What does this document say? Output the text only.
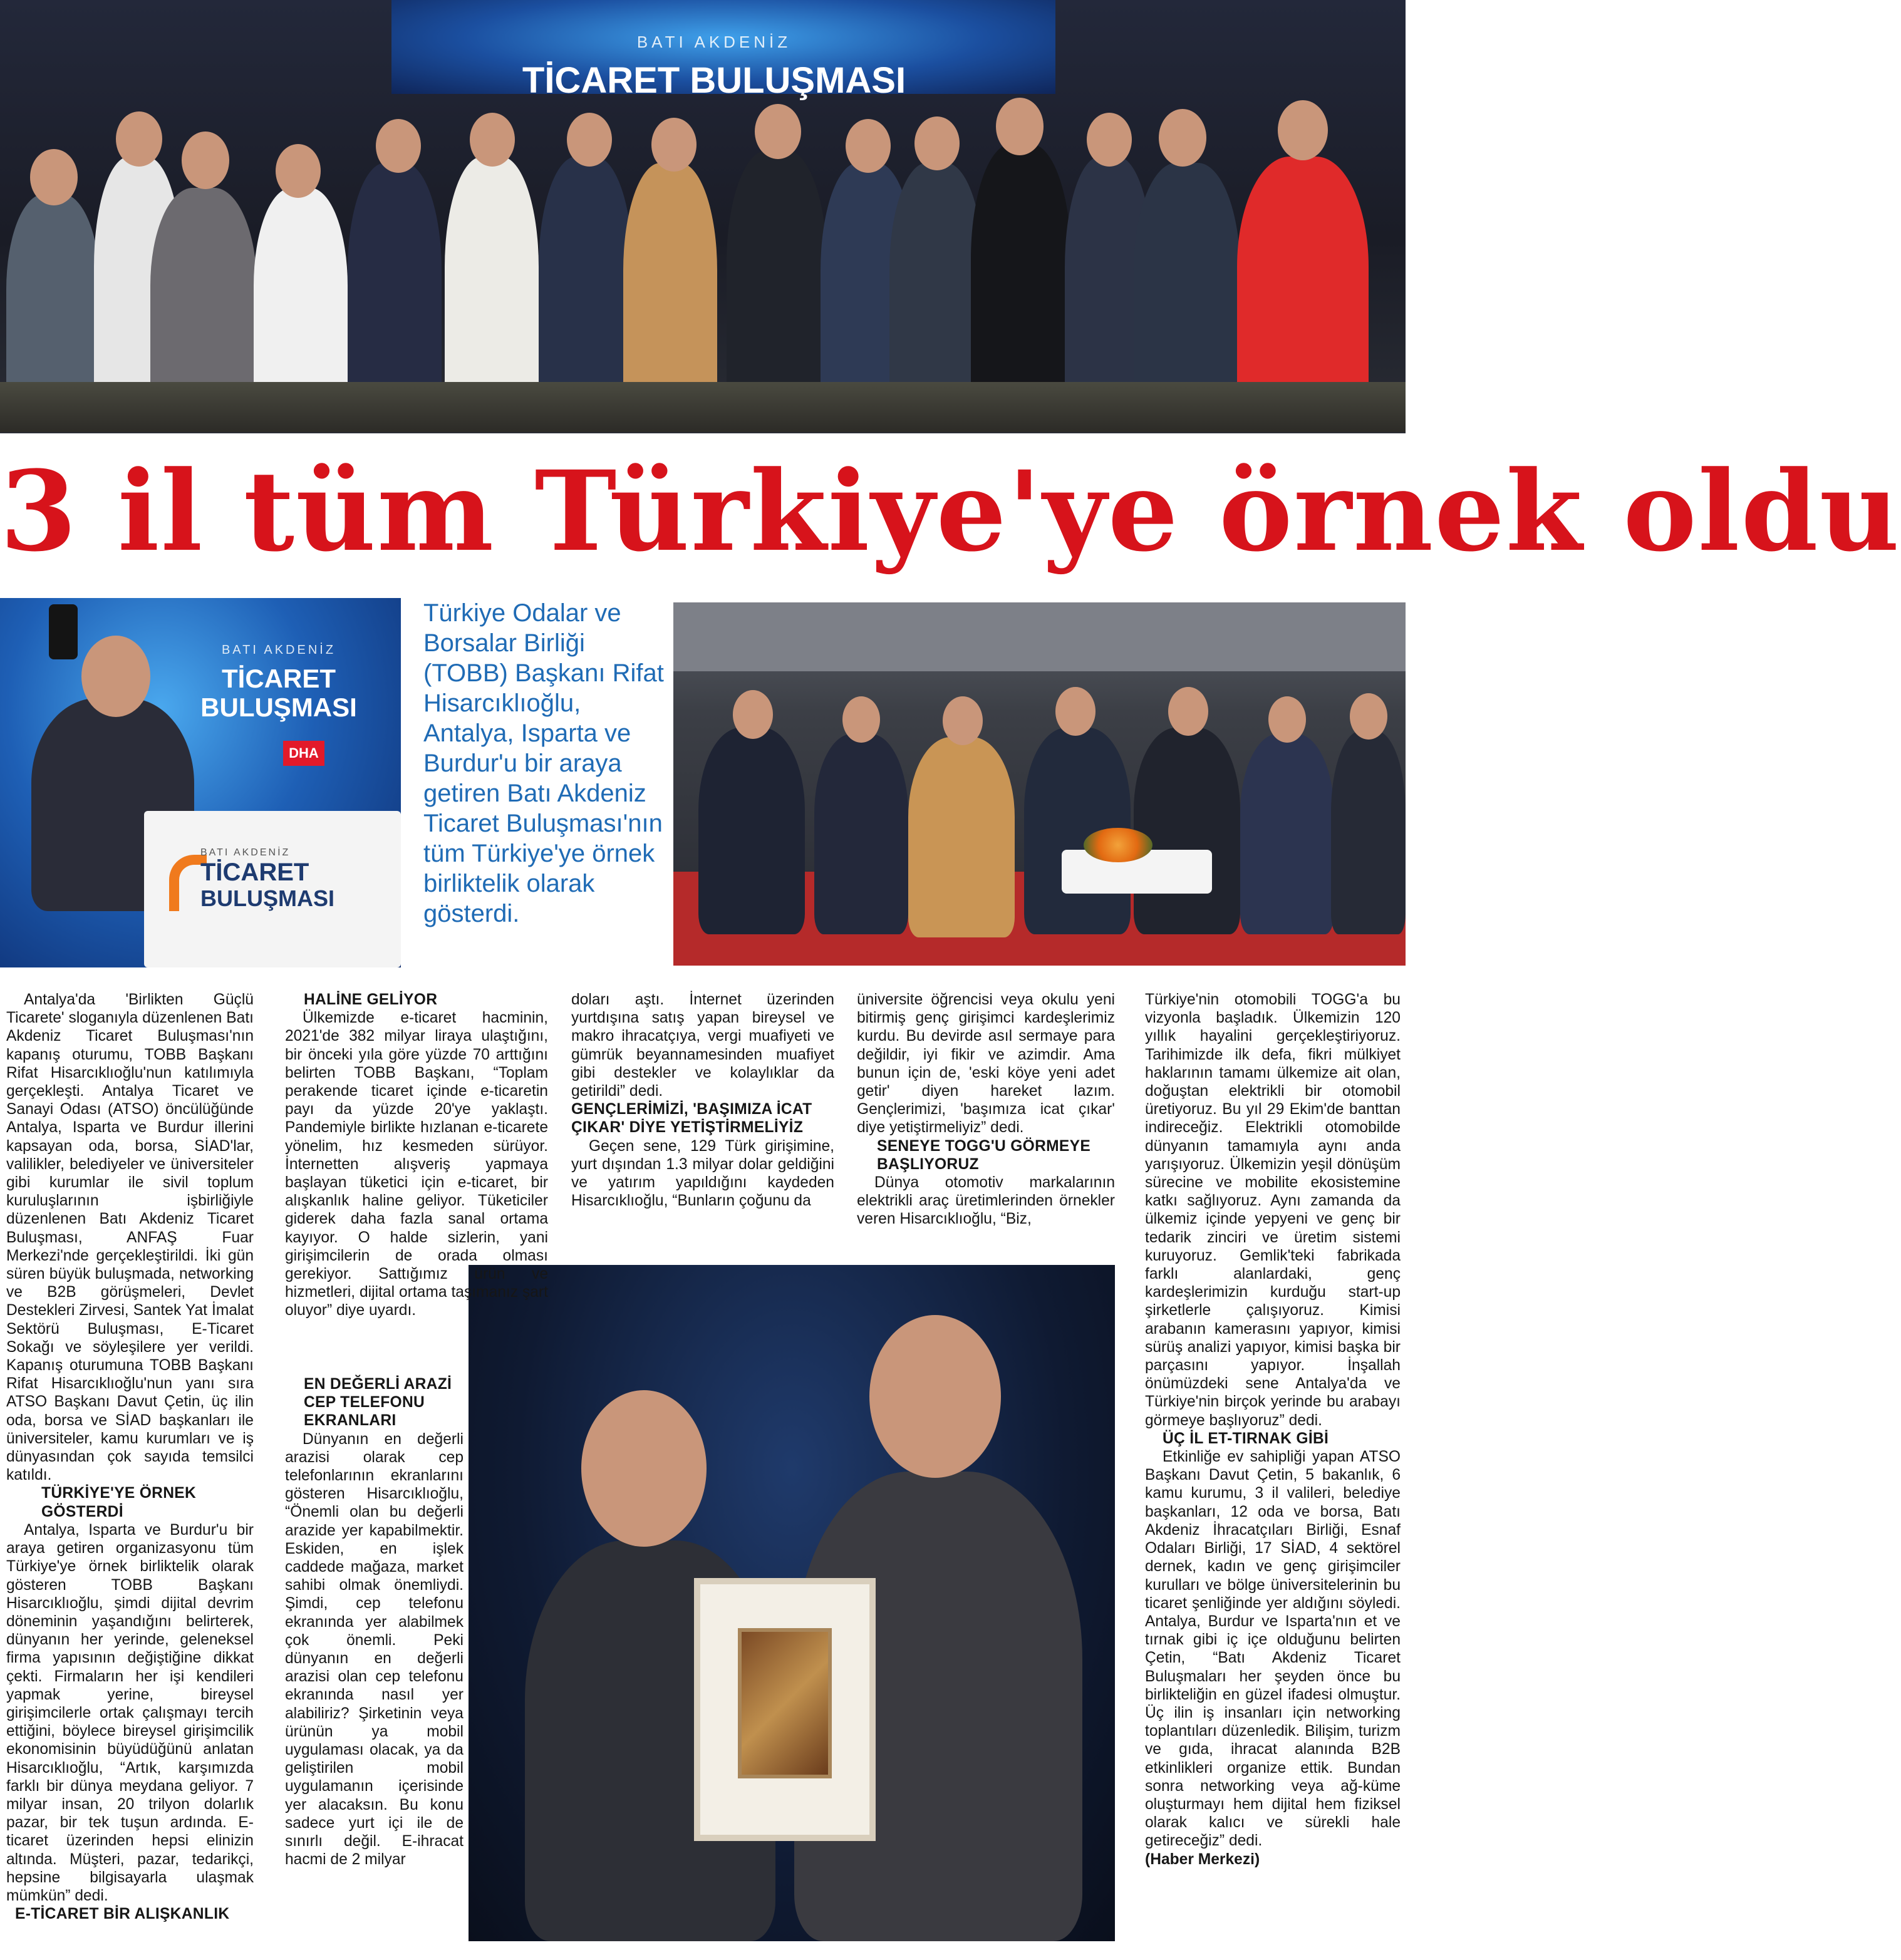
BATI AKDENİZ
TİCARET BULUŞMASI
3 il tüm Türkiye'ye örnek oldu
BATI AKDENİZ
TİCARET
BULUŞMASI
DHA
BATI AKDENİZ
TİCARET
BULUŞMASI
Türkiye Odalar ve Borsalar Birliği (TOBB) Başkanı Rifat Hisarcıklıoğlu, Antalya, Isparta ve Burdur'u bir araya getiren Batı Akdeniz Ticaret Buluşması'nın tüm Türkiye'ye örnek birliktelik olarak gösterdi.

Antalya'da 'Birlikten Güçlü Ticarete' sloganıyla düzenlenen Batı Akdeniz Ticaret Buluşması'nın kapanış oturumu, TOBB Başkanı Rifat Hisarcıklıoğlu'nun katılımıyla gerçekleşti. Antalya Ticaret ve Sanayi Odası (ATSO) öncülüğünde Antalya, Isparta ve Burdur illerini kapsayan oda, borsa, SİAD'lar, valilikler, belediyeler ve üniversiteler gibi kurumlar ile sivil toplum kuruluşlarının işbirliğiyle düzenlenen Batı Akdeniz Ticaret Buluşması, ANFAŞ Fuar Merkezi'nde gerçekleştirildi. İki gün süren büyük buluşmada, networking ve B2B görüşmeleri, Devlet Destekleri Zirvesi, Santek Yat İmalat Sektörü Buluşması, E-Ticaret Sokağı ve söyleşilere yer verildi. Kapanış oturumuna TOBB Başkanı Rifat Hisarcıklıoğlu'nun yanı sıra ATSO Başkanı Davut Çetin, üç ilin oda, borsa ve SİAD başkanları ile üniversiteler, kamu kurumları ve iş dünyasından çok sayıda temsilci katıldı.

TÜRKİYE'YE ÖRNEK GÖSTERDİ

Antalya, Isparta ve Burdur'u bir araya getiren organizasyonu tüm Türkiye'ye örnek birliktelik olarak gösteren TOBB Başkanı Hisarcıklıoğlu, şimdi dijital devrim döneminin yaşandığını belirterek, dünyanın her yerinde, geleneksel firma yapısının değiştiğine dikkat çekti. Firmaların her işi kendileri yapmak yerine, bireysel girişimcilerle ortak çalışmayı tercih ettiğini, böylece bireysel girişimcilik ekonomisinin büyüdüğünü anlatan Hisarcıklıoğlu, “Artık, karşımızda farklı bir dünya meydana geliyor. 7 milyar insan, 20 trilyon dolarlık pazar, bir tek tuşun ardında. E-ticaret üzerinden hepsi elinizin altında. Müşteri, pazar, tedarikçi, hepsine bilgisayarla ulaşmak mümkün” dedi.

E-TİCARET BİR ALIŞKANLIK

HALİNE GELİYOR

Ülkemizde e-ticaret hacminin, 2021'de 382 milyar liraya ulaştığını, bir önceki yıla göre yüzde 70 arttığını belirten TOBB Başkanı, “Toplam perakende ticaret içinde e-ticaretin payı da yüzde 20'ye yaklaştı. Pandemiyle birlikte hızlanan e-ticarete yönelim, hız kesmeden sürüyor. İnternetten alışveriş yapmaya başlayan tüketici için e-ticaret, bir alışkanlık haline geliyor. Tüketiciler giderek daha fazla sanal ortama kayıyor. O halde sizlerin, yani girişimcilerin de orada olması gerekiyor. Sattığımız ürün ve hizmetleri, dijital ortama taşımanız şart oluyor” diye uyardı.

EN DEĞERLİ ARAZİ CEP TELEFONU EKRANLARI

Dünyanın en değerli arazisi olarak cep telefonlarının ekranlarını gösteren Hisarcıklıoğlu, “Önemli olan bu değerli arazide yer kapabilmektir. Eskiden, en işlek caddede mağaza, market sahibi olmak önemliydi. Şimdi, cep telefonu ekranında yer alabilmek çok önemli. Peki dünyanın en değerli arazisi olan cep telefonu ekranında nasıl yer alabiliriz? Şirketinin veya ürünün ya mobil uygulaması olacak, ya da geliştirilen mobil uygulamanın içerisinde yer alacaksın. Bu konu sadece yurt içi ile de sınırlı değil. E-ihracat hacmi de 2 milyar

doları aştı. İnternet üzerinden yurtdışına satış yapan bireysel ve makro ihracatçıya, vergi muafiyeti ve gümrük beyannamesinden muafiyet gibi destekler ve kolaylıklar da getirildi” dedi.

GENÇLERİMİZİ, 'BAŞIMIZA İCAT ÇIKAR' DİYE YETİŞTİRMELİYİZ

Geçen sene, 129 Türk girişimine, yurt dışından 1.3 milyar dolar geldiğini ve yatırım yapıldığını kaydeden Hisarcıklıoğlu, “Bunların çoğunu da

üniversite öğrencisi veya okulu yeni bitirmiş genç girişimci kardeşlerimiz kurdu. Bu devirde asıl sermaye para değildir, iyi fikir ve azimdir. Ama bunun için de, 'eski köye yeni adet getir' diyen hareket lazım. Gençlerimizi, 'başımıza icat çıkar' diye yetiştirmeliyiz” dedi.

SENEYE TOGG'U GÖRMEYE BAŞLIYORUZ

Dünya otomotiv markalarının elektrikli araç üretimlerinden örnekler veren Hisarcıklıoğlu, “Biz,

Türkiye'nin otomobili TOGG'a bu vizyonla başladık. Ülkemizin 120 yıllık hayalini gerçekleştiriyoruz. Tarihimizde ilk defa, fikri mülkiyet haklarının tamamı ülkemize ait olan, doğuştan elektrikli bir otomobil üretiyoruz. Bu yıl 29 Ekim'de banttan indireceğiz. Elektrikli otomobilde dünyanın tamamıyla aynı anda yarışıyoruz. Ülkemizin yeşil dönüşüm sürecine ve mobilite ekosistemine katkı sağlıyoruz. Aynı zamanda da ülkemiz içinde yepyeni ve genç bir tedarik zinciri ve üretim sistemi kuruyoruz. Gemlik'teki fabrikada farklı alanlardaki, genç kardeşlerimizin kurduğu start-up şirketlerle çalışıyoruz. Kimisi arabanın kamerasını yapıyor, kimisi sürüş analizi yapıyor, kimisi başka bir parçasını yapıyor. İnşallah önümüzdeki sene Antalya'da ve Türkiye'nin birçok yerinde bu arabayı görmeye başlıyoruz” dedi.

ÜÇ İL ET-TIRNAK GİBİ

Etkinliğe ev sahipliği yapan ATSO Başkanı Davut Çetin, 5 bakanlık, 6 kamu kurumu, 3 il valileri, belediye başkanları, 12 oda ve borsa, Batı Akdeniz İhracatçıları Birliği, Esnaf Odaları Birliği, 17 SİAD, 4 sektörel dernek, kadın ve genç girişimciler kurulları ve bölge üniversitelerinin bu ticaret şenliğinde yer aldığını söyledi. Antalya, Burdur ve Isparta'nın et ve tırnak gibi iç içe olduğunu belirten Çetin, “Batı Akdeniz Ticaret Buluşmaları her şeyden önce bu birlikteliğin en güzel ifadesi olmuştur. Üç ilin iş insanları için networking toplantıları düzenledik. Bilişim, turizm ve gıda, ihracat alanında B2B etkinlikleri organize ettik. Bundan sonra networking veya ağ-küme oluşturmayı hem dijital hem fiziksel olarak kalıcı ve sürekli hale getireceğiz” dedi.

(Haber Merkezi)
